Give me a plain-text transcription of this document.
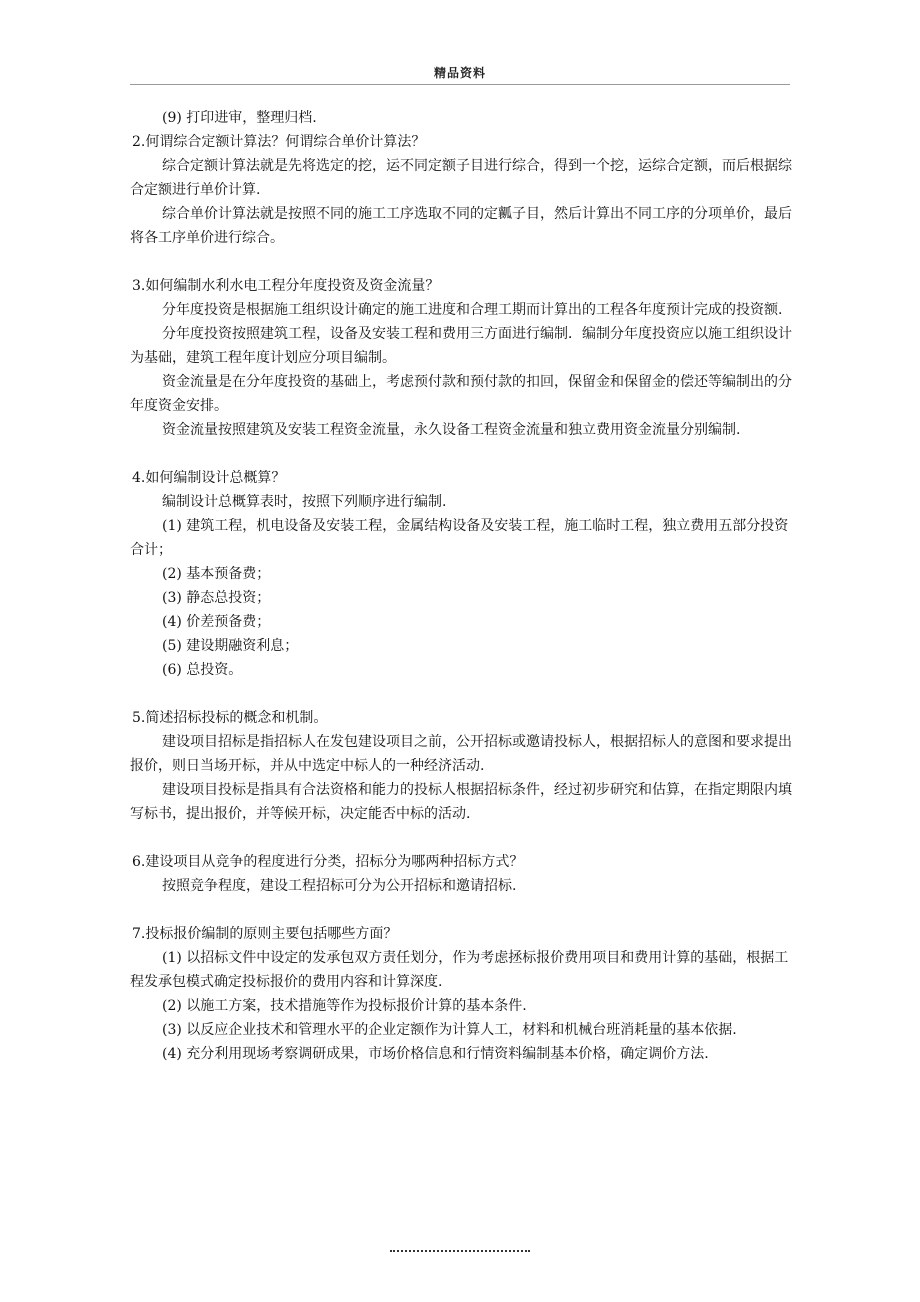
精品资料

(9) 打印进审，整理归档.

2.何谓综合定额计算法？何谓综合单价计算法？

综合定额计算法就是先将选定的挖，运不同定额子目进行综合，得到一个挖，运综合定额，而后根据综合定额进行单价计算.

综合单价计算法就是按照不同的施工工序选取不同的定瓤子目，然后计算出不同工序的分项单价，最后将各工序单价进行综合。

3.如何编制水利水电工程分年度投资及资金流量？

分年度投资是根据施工组织设计确定的施工进度和合理工期而计算出的工程各年度预计完成的投资额.

分年度投资按照建筑工程，设备及安装工程和费用三方面进行编制．编制分年度投资应以施工组织设计为基础，建筑工程年度计划应分项目编制。

资金流量是在分年度投资的基础上，考虑预付款和预付款的扣回，保留金和保留金的偿还等编制出的分年度资金安排。

资金流量按照建筑及安装工程资金流量，永久设备工程资金流量和独立费用资金流量分别编制.

4.如何编制设计总概算？

编制设计总概算表时，按照下列顺序进行编制.

(1) 建筑工程，机电设备及安装工程，金属结构设备及安装工程，施工临时工程，独立费用五部分投资合计；

(2) 基本预备费；

(3) 静态总投资；

(4) 价差预备费；

(5) 建设期融资利息；

(6) 总投资。

5.简述招标投标的概念和机制。

建设项目招标是指招标人在发包建设项目之前，公开招标或邀请投标人，根据招标人的意图和要求提出报价，则日当场开标，并从中选定中标人的一种经济活动.

建设项目投标是指具有合法资格和能力的投标人根据招标条件，经过初步研究和估算，在指定期限内填写标书，提出报价，并等候开标，决定能否中标的活动.

6.建设项目从竞争的程度进行分类，招标分为哪两种招标方式？

按照竞争程度，建设工程招标可分为公开招标和邀请招标.

7.投标报价编制的原则主要包括哪些方面？

(1) 以招标文件中设定的发承包双方责任划分，作为考虑拯标报价费用项目和费用计算的基础，根据工程发承包模式确定投标报价的费用内容和计算深度.

(2) 以施工方案，技术措施等作为投标报价计算的基本条件.

(3) 以反应企业技术和管理水平的企业定额作为计算人工，材料和机械台班消耗量的基本依据.

(4) 充分利用现场考察调研成果，市场价格信息和行情资料编制基本价格，确定调价方法.
